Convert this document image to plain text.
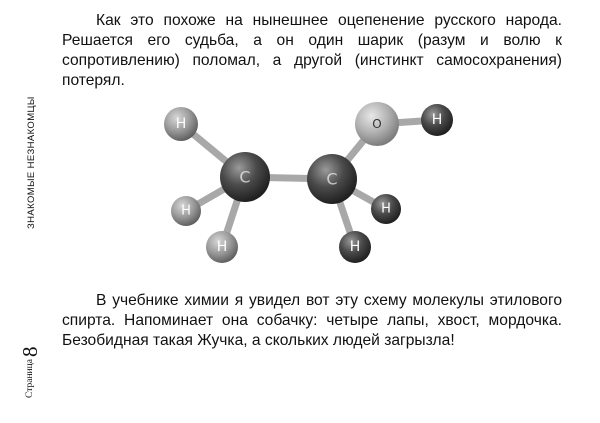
Как это похоже на нынешнее оцепенение русского народа. Решается его судьба, а он один шарик (разум и волю к сопротивлению) поломал, а другой (инстинкт самосохранения) потерял.

H
H
H
H
H
H
C	C
O

В учебнике химии я увидел вот эту схему молекулы этилового спирта. Напоминает она собачку: четыре лапы, хвост, мордочка. Безобидная такая Жучка, а скольких людей загрызла!

ЗНАКОМЫЕ НЕЗНАКОМЦЫ
8
Страница
